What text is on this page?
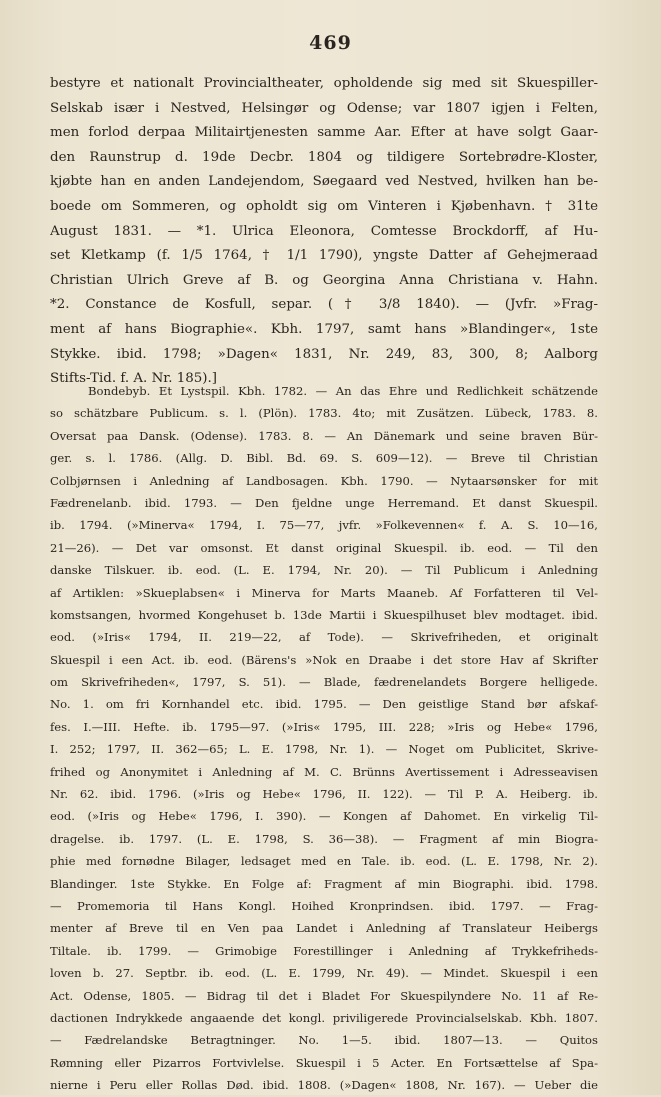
469
bestyre et nationalt Provincialtheater, opholdende sig med sit Skuespiller-
Selskab især i Nestved, Helsingør og Odense; var 1807 igjen i Felten,
men forlod derpaa Militairtjenesten samme Aar. Efter at have solgt Gaar-
den Raunstrup d. 19de Decbr. 1804 og tildigere Sortebrødre-Kloster,
kjøbte han en anden Landejendom, Søegaard ved Nestved, hvilken han be-
boede om Sommeren, og opholdt sig om Vinteren i Kjøbenhavn. † 31te
August 1831. — *1. Ulrica Eleonora, Comtesse Brockdorff, af Hu-
set Kletkamp (f. 1/5 1764, † 1/1 1790), yngste Datter af Gehejmeraad
Christian Ulrich Greve af B. og Georgina Anna Christiana v. Hahn.
*2. Constance de Kosfull, separ. († 3/8 1840). — (Jvfr. »Frag-
ment af hans Biographie«. Kbh. 1797, samt hans »Blandinger«, 1ste
Stykke. ibid. 1798; »Dagen« 1831, Nr. 249, 83, 300, 8; Aalborg
Stifts-Tid. f. A. Nr. 185).]
Bondebyb. Et Lystspil. Kbh. 1782. — An das Ehre und Redlichkeit schätzende
so schätzbare Publicum. s. l. (Plön). 1783. 4to; mit Zusätzen. Lübeck, 1783. 8.
Oversat paa Dansk. (Odense). 1783. 8. — An Dänemark und seine braven Bür-
ger. s. l. 1786. (Allg. D. Bibl. Bd. 69. S. 609—12). — Breve til Christian
Colbjørnsen i Anledning af Landbosagen. Kbh. 1790. — Nytaarsønsker for mit
Fædrenelanb. ibid. 1793. — Den fjeldne unge Herremand. Et danst Skuespil.
ib. 1794. (»Minerva« 1794, I. 75—77, jvfr. »Folkevennen« f. A. S. 10—16,
21—26). — Det var omsonst. Et danst original Skuespil. ib. eod. — Til den
danske Tilskuer. ib. eod. (L. E. 1794, Nr. 20). — Til Publicum i Anledning
af Artiklen: »Skueplabsen« i Minerva for Marts Maaneb. Af Forfatteren til Vel-
komstsangen, hvormed Kongehuset b. 13de Martii i Skuespilhuset blev modtaget. ibid.
eod. (»Iris« 1794, II. 219—22, af Tode). — Skrivefriheden, et originalt
Skuespil i een Act. ib. eod. (Bärens's »Nok en Draabe i det store Hav af Skrifter
om Skrivefriheden«, 1797, S. 51). — Blade, fædrenelandets Borgere helligede.
No. 1. om fri Kornhandel etc. ibid. 1795. — Den geistlige Stand bør afskaf-
fes. I.—III. Hefte. ib. 1795—97. (»Iris« 1795, III. 228; »Iris og Hebe« 1796,
I. 252; 1797, II. 362—65; L. E. 1798, Nr. 1). — Noget om Publicitet, Skrive-
frihed og Anonymitet i Anledning af M. C. Brünns Avertissement i Adresseavisen
Nr. 62. ibid. 1796. (»Iris og Hebe« 1796, II. 122). — Til P. A. Heiberg. ib.
eod. (»Iris og Hebe« 1796, I. 390). — Kongen af Dahomet. En virkelig Til-
dragelse. ib. 1797. (L. E. 1798, S. 36—38). — Fragment af min Biogra-
phie med fornødne Bilager, ledsaget med en Tale. ib. eod. (L. E. 1798, Nr. 2).
Blandinger. 1ste Stykke. En Folge af: Fragment af min Biographi. ibid. 1798.
— Promemoria til Hans Kongl. Hoihed Kronprindsen. ibid. 1797. — Frag-
menter af Breve til en Ven paa Landet i Anledning af Translateur Heibergs
Tiltale. ib. 1799. — Grimobige Forestillinger i Anledning af Trykkefriheds-
loven b. 27. Septbr. ib. eod. (L. E. 1799, Nr. 49). — Mindet. Skuespil i een
Act. Odense, 1805. — Bidrag til det i Bladet For Skuespilyndere No. 11 af Re-
dactionen Indrykkede angaaende det kongl. priviligerede Provincialselskab. Kbh. 1807.
— Fædrelandske Betragtninger. No. 1—5. ibid. 1807—13. — Quitos
Rømning eller Pizarros Fortvivlelse. Skuespil i 5 Acter. En Fortsættelse af Spa-
nierne i Peru eller Rollas Død. ibid. 1808. (»Dagen« 1808, Nr. 167). — Ueber die
